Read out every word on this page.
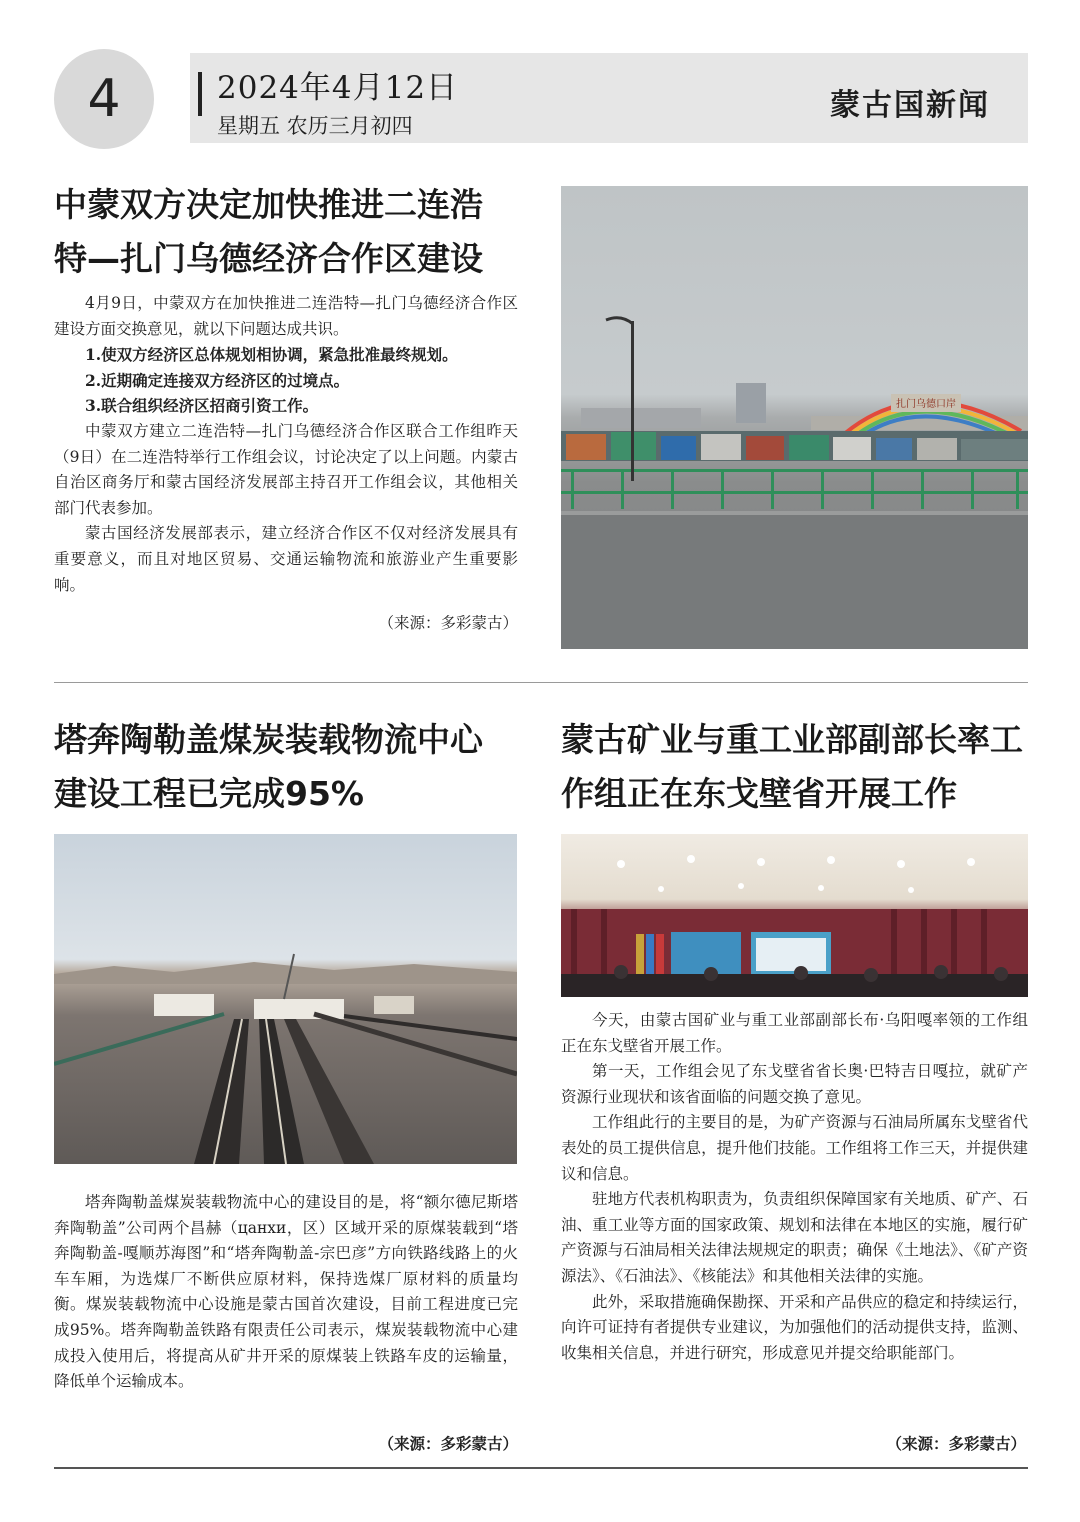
4	2024年4月12日
星期五 农历三月初四
蒙古国新闻
中蒙双方决定加快推进二连浩
特—扎门乌德经济合作区建设

4月9日，中蒙双方在加快推进二连浩特—扎门乌德经济合作区建设方面交换意见，就以下问题达成共识。

1.使双方经济区总体规划相协调，紧急批准最终规划。

2.近期确定连接双方经济区的过境点。

3.联合组织经济区招商引资工作。

中蒙双方建立二连浩特—扎门乌德经济合作区联合工作组昨天（9日）在二连浩特举行工作组会议，讨论决定了以上问题。内蒙古自治区商务厅和蒙古国经济发展部主持召开工作组会议，其他相关部门代表参加。

蒙古国经济发展部表示，建立经济合作区不仅对经济发展具有重要意义，而且对地区贸易、交通运输物流和旅游业产生重要影响。

（来源：多彩蒙古）
扎门乌德口岸
塔奔陶勒盖煤炭装载物流中心
建设工程已完成95%

塔奔陶勒盖煤炭装载物流中心的建设目的是，将“额尔德尼斯塔奔陶勒盖”公司两个昌赫（цанхи，区）区域开采的原煤装载到“塔奔陶勒盖-嘎顺苏海图”和“塔奔陶勒盖-宗巴彦”方向铁路线路上的火车车厢，为选煤厂不断供应原材料，保持选煤厂原材料的质量均衡。煤炭装载物流中心设施是蒙古国首次建设，目前工程进度已完成95%。塔奔陶勒盖铁路有限责任公司表示，煤炭装载物流中心建成投入使用后，将提高从矿井开采的原煤装上铁路车皮的运输量，降低单个运输成本。

（来源：多彩蒙古）
蒙古矿业与重工业部副部长率工
作组正在东戈壁省开展工作

今天，由蒙古国矿业与重工业部副部长布·乌阳嘎率领的工作组正在东戈壁省开展工作。

第一天，工作组会见了东戈壁省省长奥·巴特吉日嘎拉，就矿产资源行业现状和该省面临的问题交换了意见。

工作组此行的主要目的是，为矿产资源与石油局所属东戈壁省代表处的员工提供信息，提升他们技能。工作组将工作三天，并提供建议和信息。

驻地方代表机构职责为，负责组织保障国家有关地质、矿产、石油、重工业等方面的国家政策、规划和法律在本地区的实施，履行矿产资源与石油局相关法律法规规定的职责；确保《土地法》、《矿产资源法》、《石油法》、《核能法》和其他相关法律的实施。

此外，采取措施确保勘探、开采和产品供应的稳定和持续运行，向许可证持有者提供专业建议，为加强他们的活动提供支持，监测、收集相关信息，并进行研究，形成意见并提交给职能部门。

（来源：多彩蒙古）
